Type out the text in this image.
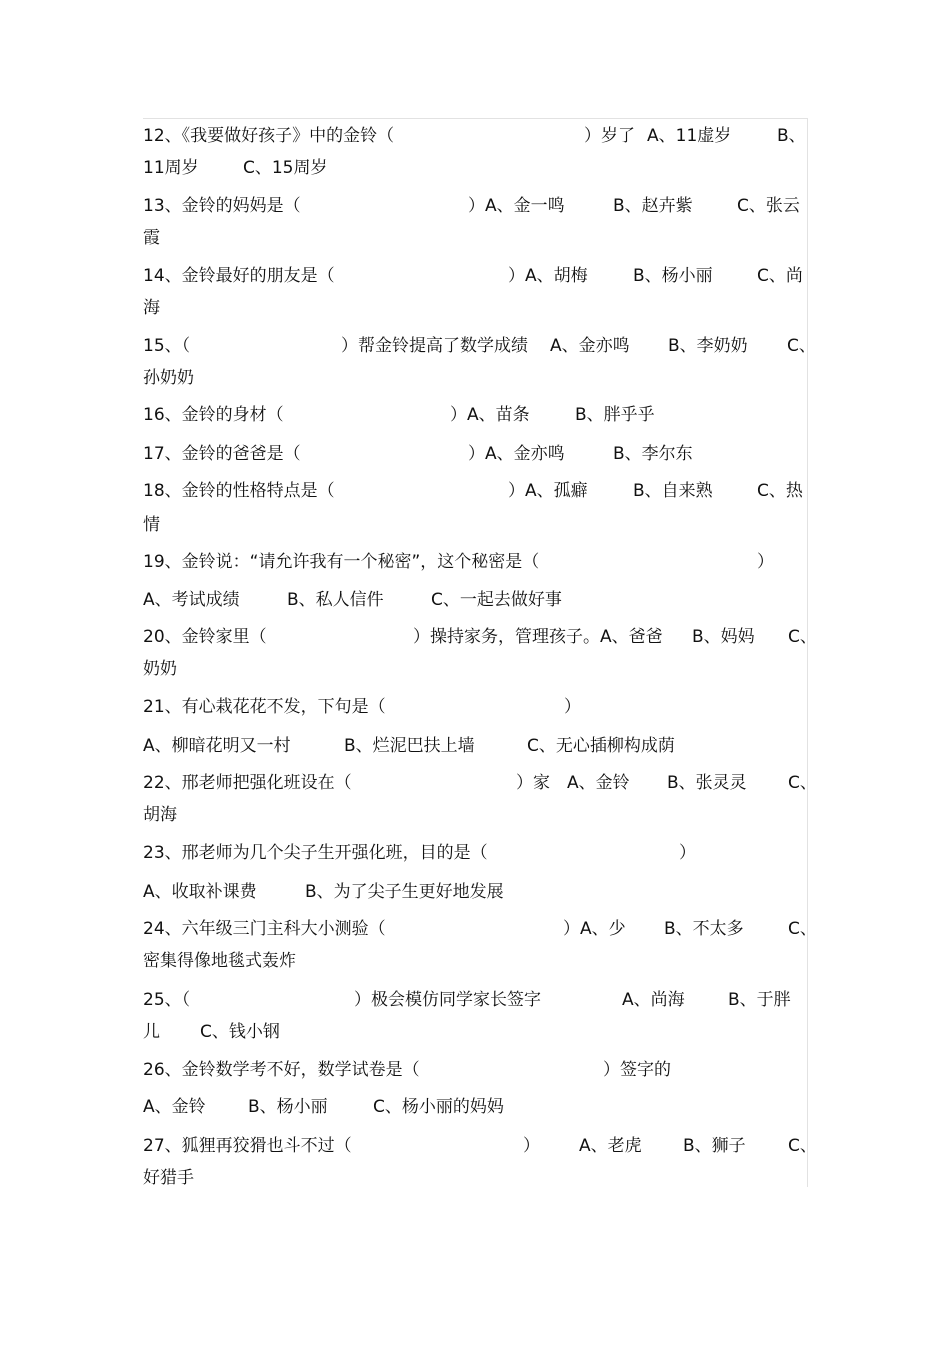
12、《我要做好孩子》中的金铃（	）岁了 A、11虚岁	B、
11周岁	C、15周岁
13、金铃的妈妈是（	）A、金一鸣	B、赵卉紫	C、张云
霞
14、金铃最好的朋友是（	）A、胡梅	B、杨小丽	C、尚
海
15、（	）帮金铃提高了数学成绩 A、金亦鸣 B、李奶奶 C、
孙奶奶
16、金铃的身材（	）A、苗条	B、胖乎乎
17、金铃的爸爸是（	）A、金亦鸣	B、李尔东
18、金铃的性格特点是（	）A、孤癖	B、自来熟	C、热
情
19、金铃说：“请允许我有一个秘密”，这个秘密是（	）
A、考试成绩	B、私人信件	C、一起去做好事
20、金铃家里（	）操持家务，管理孩子。A、爸爸 B、妈妈 C、
奶奶
21、有心栽花花不发，下句是（	）
A、柳暗花明又一村	B、烂泥巴扶上墙	C、无心插柳构成荫
22、邢老师把强化班设在（	）家 A、金铃 B、张灵灵 C、
胡海
23、邢老师为几个尖子生开强化班，目的是（	）
A、收取补课费	B、为了尖子生更好地发展
24、六年级三门主科大小测验（	）A、少 B、不太多	C、
密集得像地毯式轰炸
25、（	）极会模仿同学家长签字	A、尚海	B、于胖
儿 C、钱小钢
26、金铃数学考不好，数学试卷是（	）签字的
A、金铃 B、杨小丽	C、杨小丽的妈妈
27、狐狸再狡猾也斗不过（	） A、老虎 B、狮子 C、
好猎手
